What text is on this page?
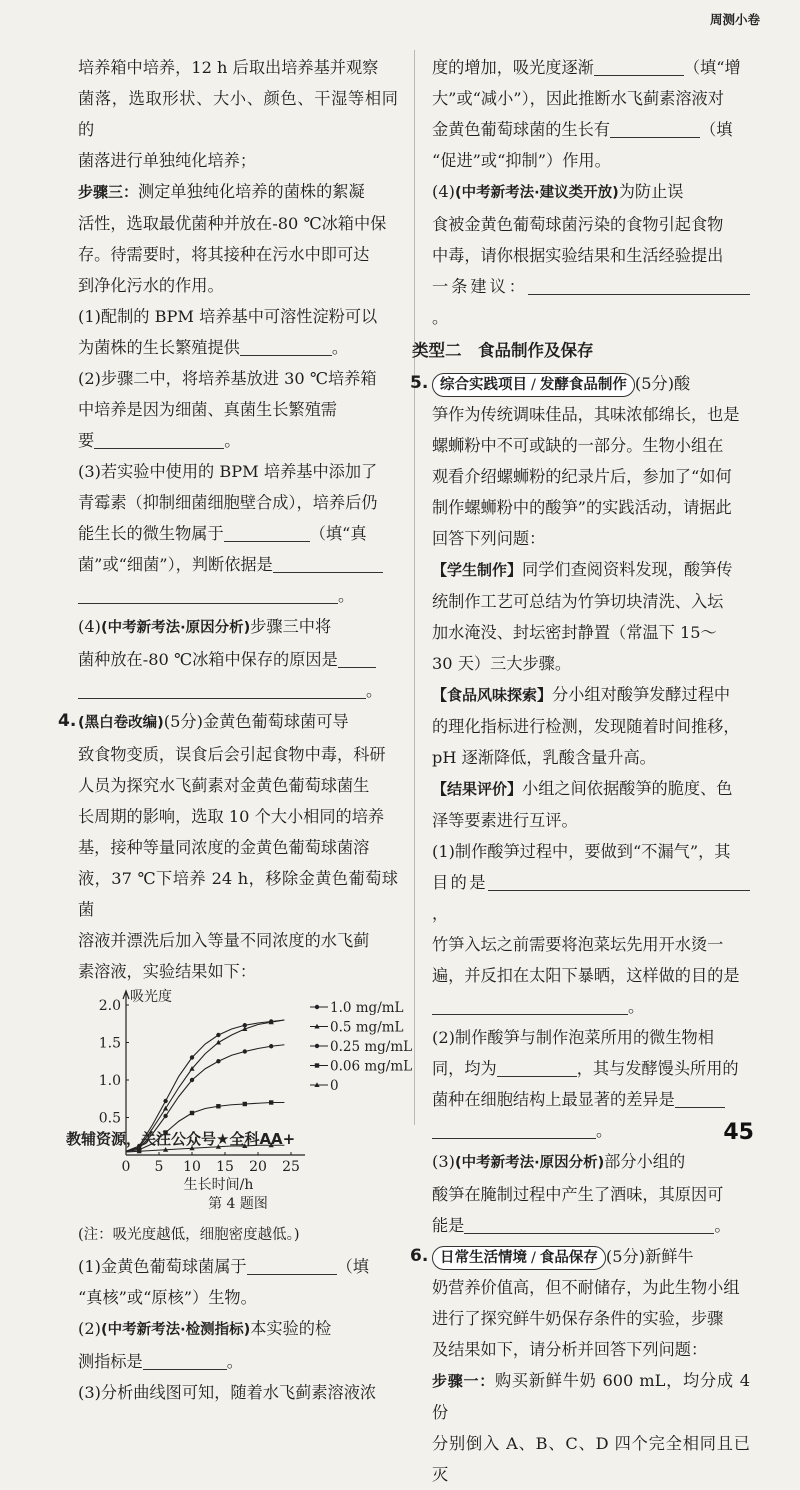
周测小卷

培养箱中培养，12 h 后取出培养基并观察

菌落，选取形状、大小、颜色、干湿等相同的

菌落进行单独纯化培养；

步骤三：测定单独纯化培养的菌株的絮凝

活性，选取最优菌种并放在-80 ℃冰箱中保

存。待需要时，将其接种在污水中即可达

到净化污水的作用。

(1)配制的 BPM 培养基中可溶性淀粉可以

为菌株的生长繁殖提供	。

(2)步骤二中，将培养基放进 30 ℃培养箱

中培养是因为细菌、真菌生长繁殖需

要	。

(3)若实验中使用的 BPM 培养基中添加了

青霉素（抑制细菌细胞壁合成），培养后仍

能生长的微生物属于	（填“真

菌”或“细菌”），判断依据是

。

(4)(中考新考法·原因分析)步骤三中将

菌种放在-80 ℃冰箱中保存的原因是

。

4. (黑白卷改编)(5分)金黄色葡萄球菌可导

致食物变质，误食后会引起食物中毒，科研

人员为探究水飞蓟素对金黄色葡萄球菌生

长周期的影响，选取 10 个大小相同的培养

基，接种等量同浓度的金黄色葡萄球菌溶

液，37 ℃下培养 24 h，移除金黄色葡萄球菌

溶液并漂洗后加入等量不同浓度的水飞蓟

素溶液，实验结果如下：

0 5 10 15 20 25
0.5
1.0
1.5
2.0
吸光度
生长时间/h
1.0 mg/mL
0.5 mg/mL
0.25 mg/mL
0.06 mg/mL
0
第 4 题图

(注：吸光度越低，细胞密度越低。)

(1)金黄色葡萄球菌属于	（填

“真核”或“原核”）生物。

(2)(中考新考法·检测指标)本实验的检

测指标是	。

(3)分析曲线图可知，随着水飞蓟素溶液浓

度的增加，吸光度逐渐	（填“增

大”或“减小”），因此推断水飞蓟素溶液对

金黄色葡萄球菌的生长有	（填

“促进”或“抑制”）作用。

(4)(中考新考法·建议类开放)为防止误

食被金黄色葡萄球菌污染的食物引起食物

中毒，请你根据实验结果和生活经验提出

一条建议：。

类型二　食品制作及保存
5. 综合实践项目 / 发酵食品制作 (5分)酸

笋作为传统调味佳品，其味浓郁绵长，也是

螺蛳粉中不可或缺的一部分。生物小组在

观看介绍螺蛳粉的纪录片后，参加了“如何

制作螺蛳粉中的酸笋”的实践活动，请据此

回答下列问题：

【学生制作】同学们查阅资料发现，酸笋传

统制作工艺可总结为竹笋切块清洗、入坛

加水淹没、封坛密封静置（常温下 15～

30 天）三大步骤。

【食品风味探索】分小组对酸笋发酵过程中

的理化指标进行检测，发现随着时间推移，

pH 逐渐降低，乳酸含量升高。

【结果评价】小组之间依据酸笋的脆度、色

泽等要素进行互评。

(1)制作酸笋过程中，要做到“不漏气”，其

目的是，

竹笋入坛之前需要将泡菜坛先用开水烫一

遍，并反扣在太阳下暴晒，这样做的目的是

。

(2)制作酸笋与制作泡菜所用的微生物相

同，均为	，其与发酵馒头所用的

菌种在细胞结构上最显著的差异是

。

(3)(中考新考法·原因分析)部分小组的

酸笋在腌制过程中产生了酒味，其原因可

能是	。

6. 日常生活情境 / 食品保存 (5分)新鲜牛

奶营养价值高，但不耐储存，为此生物小组

进行了探究鲜牛奶保存条件的实验，步骤

及结果如下，请分析并回答下列问题：

步骤一：购买新鲜牛奶 600 mL，均分成 4 份

分别倒入 A、B、C、D 四个完全相同且已灭

教辅资源，关注公众号★全科AA+	45
